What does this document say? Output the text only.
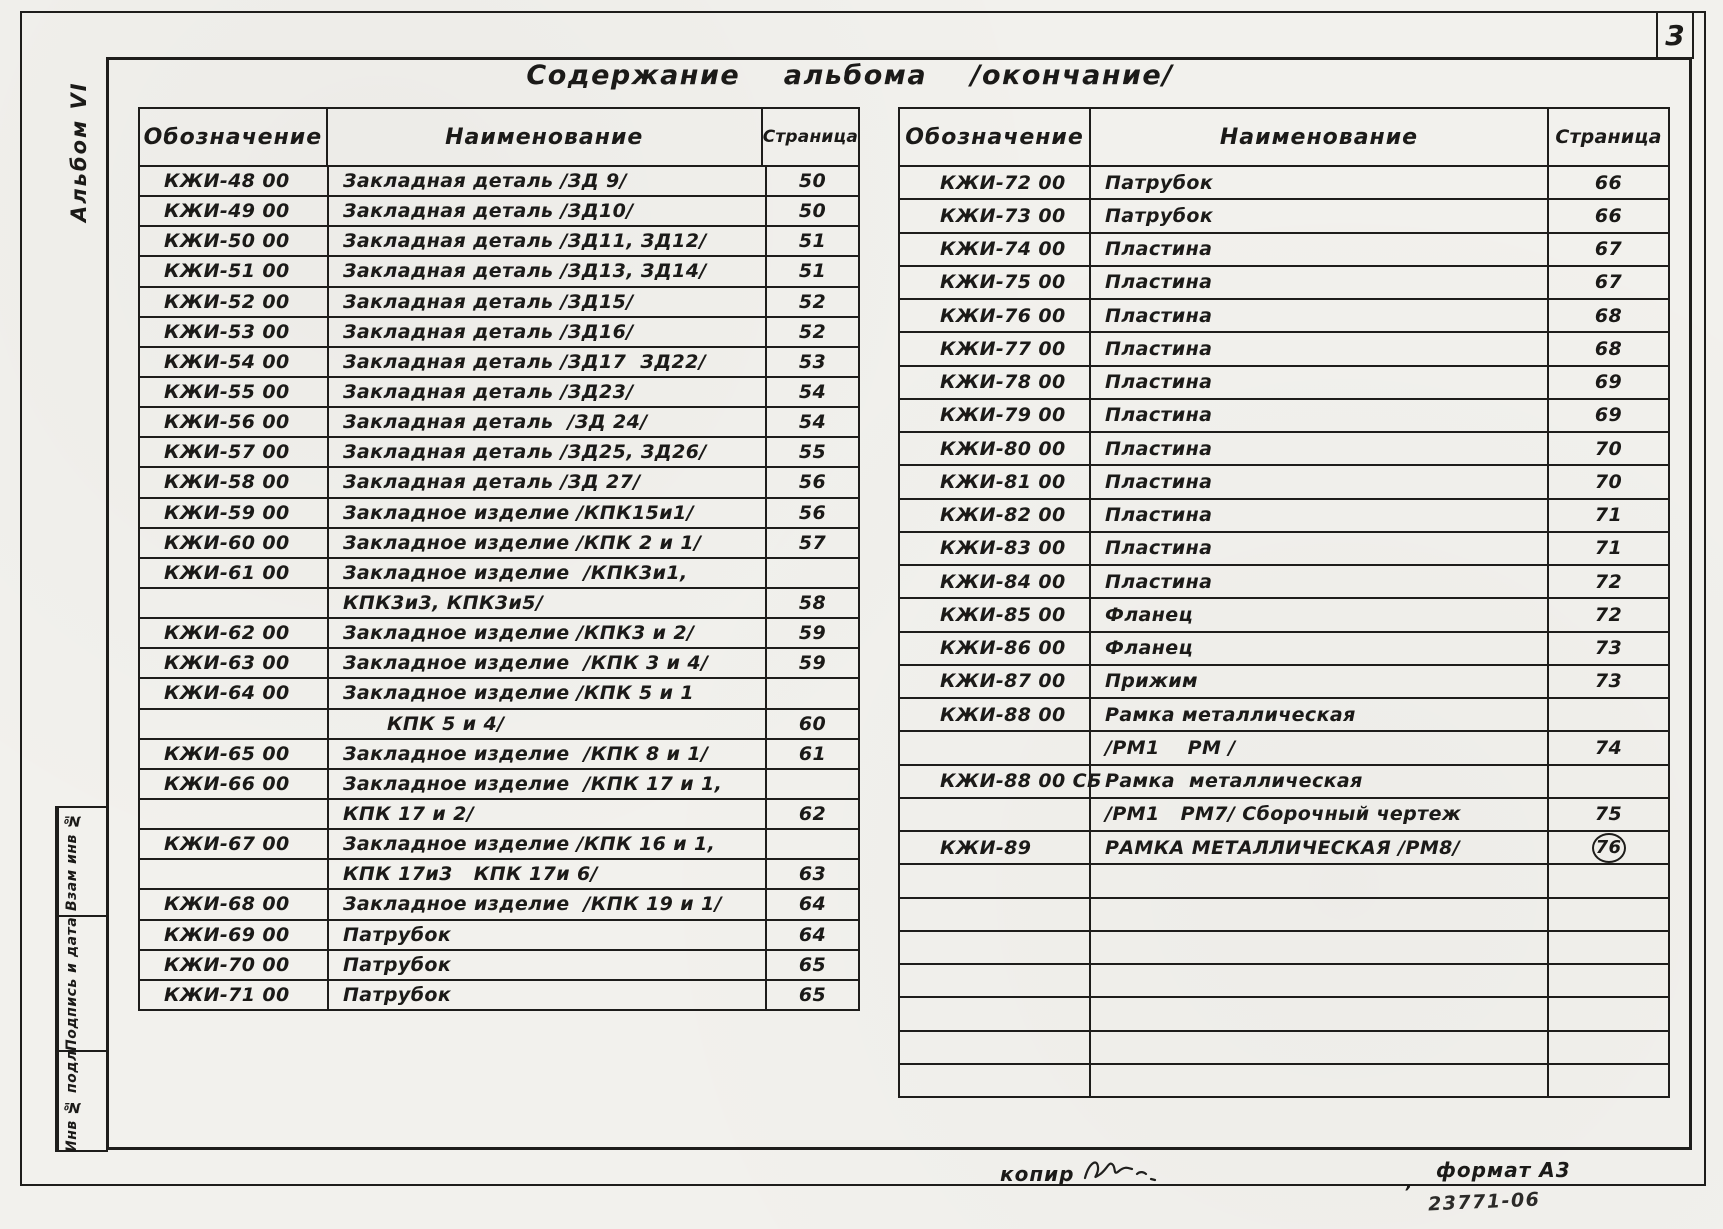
3
Содержание    альбома    /окончание/
Альбом VI	Обозначение	Наименование	Страница
КЖИ-48 00	Закладная деталь /ЗД 9/	50
КЖИ-49 00	Закладная деталь /ЗД10/	50
КЖИ-50 00	Закладная деталь /ЗД11, ЗД12/	51
КЖИ-51 00	Закладная деталь /ЗД13, ЗД14/	51
КЖИ-52 00	Закладная деталь /ЗД15/	52
КЖИ-53 00	Закладная деталь /ЗД16/	52
КЖИ-54 00	Закладная деталь /ЗД17  ЗД22/	53
КЖИ-55 00	Закладная деталь /ЗД23/	54
КЖИ-56 00	Закладная деталь  /ЗД 24/	54
КЖИ-57 00	Закладная деталь /ЗД25, ЗД26/	55
КЖИ-58 00	Закладная деталь /ЗД 27/	56
КЖИ-59 00	Закладное изделие /КПК15и1/	56
КЖИ-60 00	Закладное изделие /КПК 2 и 1/	57
КЖИ-61 00	Закладное изделие  /КПК3и1,
КПК3и3, КПК3и5/	58
КЖИ-62 00	Закладное изделие /КПК3 и 2/	59
КЖИ-63 00	Закладное изделие  /КПК 3 и 4/	59
КЖИ-64 00	Закладное изделие /КПК 5 и 1
КПК 5 и 4/	60
КЖИ-65 00	Закладное изделие  /КПК 8 и 1/	61
КЖИ-66 00	Закладное изделие  /КПК 17 и 1,
КПК 17 и 2/	62
КЖИ-67 00	Закладное изделие /КПК 16 и 1,
КПК 17и3   КПК 17и 6/	63
КЖИ-68 00	Закладное изделие  /КПК 19 и 1/	64
КЖИ-69 00	Патрубок	64
КЖИ-70 00	Патрубок	65
КЖИ-71 00	Патрубок	65
Обозначение	Наименование	Страница
КЖИ-72 00	Патрубок	66
КЖИ-73 00	Патрубок	66
КЖИ-74 00	Пластина	67
КЖИ-75 00	Пластина	67
КЖИ-76 00	Пластина	68
КЖИ-77 00	Пластина	68
КЖИ-78 00	Пластина	69
КЖИ-79 00	Пластина	69
КЖИ-80 00	Пластина	70
КЖИ-81 00	Пластина	70
КЖИ-82 00	Пластина	71
КЖИ-83 00	Пластина	71
КЖИ-84 00	Пластина	72
КЖИ-85 00	Фланец	72
КЖИ-86 00	Фланец	73
КЖИ-87 00	Прижим	73
КЖИ-88 00	Рамка металлическая
/РМ1    РМ /	74
КЖИ-88 00 СБ Рамка  металлическая
/РМ1   РМ7/ Сборочный чертеж	75
КЖИ-89	РАМКА МЕТАЛЛИЧЕСКАЯ /РМ8/	76
Взам инв №
Подпись и дата
Инв № подл
копир	формат А3
’ 23771-06
